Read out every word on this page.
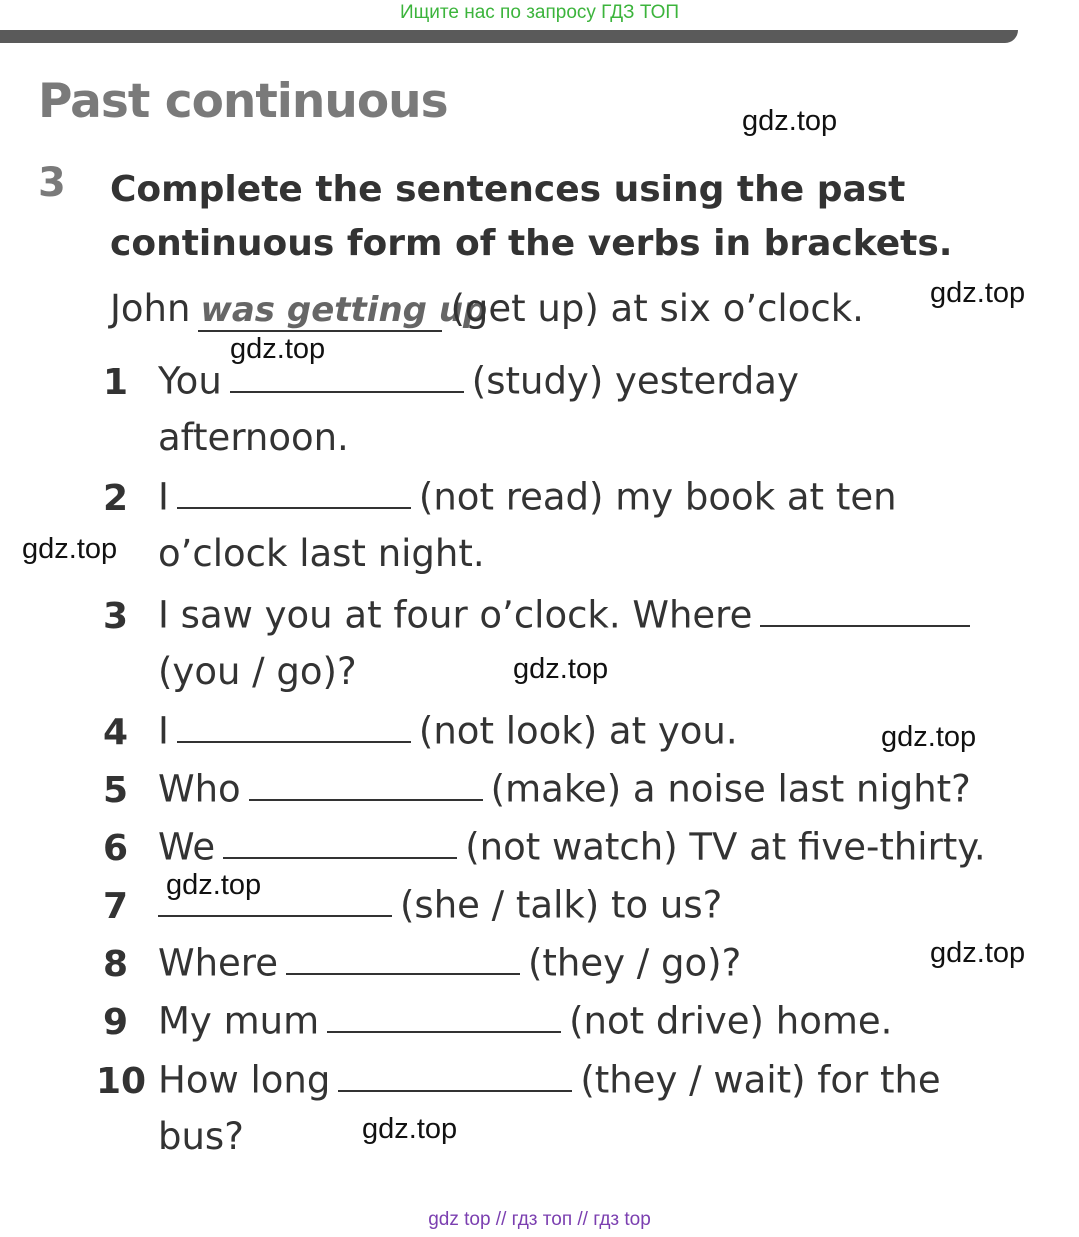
Ищите нас по запросу ГДЗ ТОП
Past continuous
3 Complete the sentences using the past
continuous form of the verbs in brackets.
John was getting up(get up) at six o’clock.
1 You	(study) yesterday
afternoon.
2 I	(not read) my book at ten
o’clock last night.
3 I saw you at four o’clock. Where
(you / go)?
4 I	(not look) at you.
5 Who	(make) a noise last night?
6 We	(not watch) TV at five-thirty.
7	(she / talk) to us?
8 Where	(they / go)?
9 My mum	(not drive) home.
10 How long	(they / wait) for the
bus?
gdz.top
gdz.top
gdz.top
gdz.top
gdz.top
gdz.top
gdz.top
gdz.top
gdz.top
gdz top // гдз топ // гдз top
